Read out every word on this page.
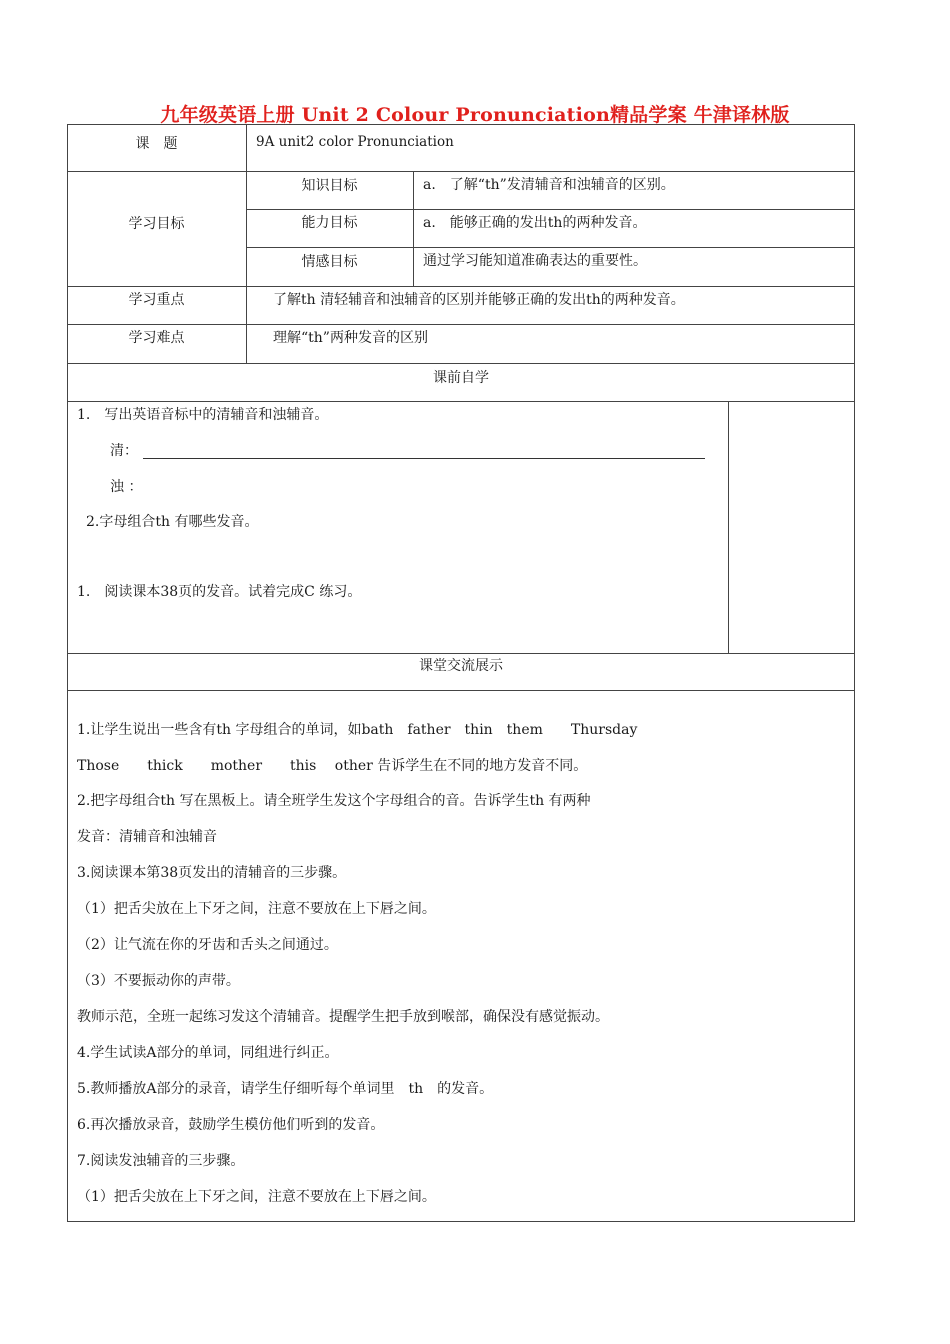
九年级英语上册 Unit 2 Colour Pronunciation精品学案 牛津译林版
课　题	9A unit2 color Pronunciation
学习目标
知识目标	a.　了解“th”发清辅音和浊辅音的区别。
能力目标	a.　能够正确的发出th的两种发音。
情感目标	通过学习能知道准确表达的重要性。
学习重点	了解th 清轻辅音和浊辅音的区别并能够正确的发出th的两种发音。
学习难点	理解“th”两种发音的区别
课前自学
1.　写出英语音标中的清辅音和浊辅音。
清：
浊 ：
2.字母组合th 有哪些发音。
1.　阅读课本38页的发音。试着完成C 练习。
课堂交流展示
1.让学生说出一些含有th 字母组合的单词，如bath　father　thin　them　　Thursday
Those　　thick　　mother　　this　 other 告诉学生在不同的地方发音不同。
2.把字母组合th 写在黑板上。请全班学生发这个字母组合的音。告诉学生th 有两种
发音：清辅音和浊辅音
3.阅读课本第38页发出的清辅音的三步骤。
（1）把舌尖放在上下牙之间，注意不要放在上下唇之间。
（2）让气流在你的牙齿和舌头之间通过。
（3）不要振动你的声带。
教师示范，全班一起练习发这个清辅音。提醒学生把手放到喉部，确保没有感觉振动。
4.学生试读A部分的单词，同组进行纠正。
5.教师播放A部分的录音，请学生仔细听每个单词里　th　的发音。
6.再次播放录音，鼓励学生模仿他们听到的发音。
7.阅读发浊辅音的三步骤。
（1）把舌尖放在上下牙之间，注意不要放在上下唇之间。
